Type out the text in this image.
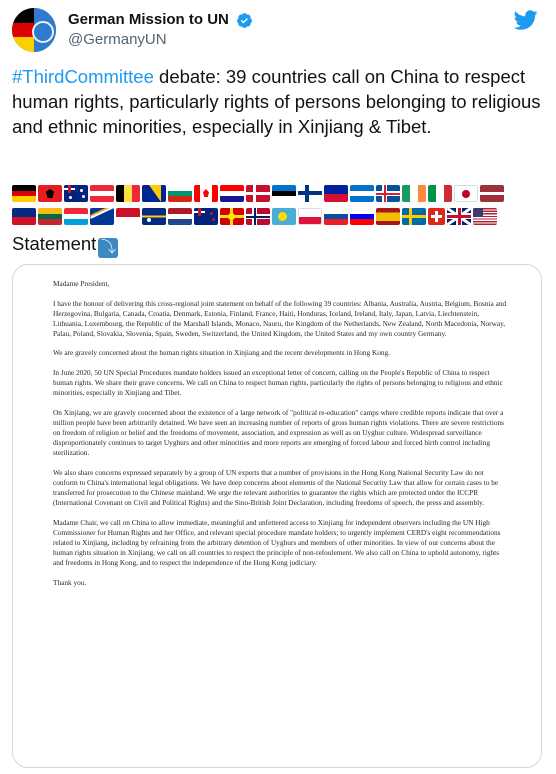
German Mission to UN
@GermanyUN
#ThirdCommittee debate: 39 countries call on China to respect human rights, particularly rights of persons belonging to religious and ethnic minorities, especially in Xinjiang & Tibet.
Statement ⤵

Madame President,

I have the honour of delivering this cross-regional joint statement on behalf of the following 39 countries: Albania, Australia, Austria, Belgium, Bosnia and Herzegovina, Bulgaria, Canada, Croatia, Denmark, Estonia, Finland, France, Haiti, Honduras, Iceland, Ireland, Italy, Japan, Latvia, Liechtenstein, Lithuania, Luxembourg, the Republic of the Marshall Islands, Monaco, Nauru, the Kingdom of the Netherlands, New Zealand, North Macedonia, Norway, Palau, Poland, Slovakia, Slovenia, Spain, Sweden, Switzerland, the United Kingdom, the United States and my own country Germany.

We are gravely concerned about the human rights situation in Xinjiang and the recent developments in Hong Kong.

In June 2020, 50 UN Special Procedures mandate holders issued an exceptional letter of concern, calling on the People's Republic of China to respect human rights. We share their grave concerns. We call on China to respect human rights, particularly the rights of persons belonging to religious and ethnic minorities, especially in Xinjiang and Tibet.

On Xinjiang, we are gravely concerned about the existence of a large network of "political re-education" camps where credible reports indicate that over a million people have been arbitrarily detained. We have seen an increasing number of reports of gross human rights violations. There are severe restrictions on freedom of religion or belief and the freedoms of movement, association, and expression as well as on Uyghur culture. Widespread surveillance disproportionately continues to target Uyghurs and other minorities and more reports are emerging of forced labour and forced birth control including sterilization.

We also share concerns expressed separately by a group of UN experts that a number of provisions in the Hong Kong National Security Law do not conform to China's international legal obligations. We have deep concerns about elements of the National Security Law that allow for certain cases to be transferred for prosecution to the Chinese mainland. We urge the relevant authorities to guarantee the rights which are protected under the ICCPR (International Covenant on Civil and Political Rights) and the Sino-British Joint Declaration, including freedoms of speech, the press and assembly.

Madame Chair, we call on China to allow immediate, meaningful and unfettered access to Xinjiang for independent observers including the UN High Commissioner for Human Rights and her Office, and relevant special procedure mandate holders; to urgently implement CERD's eight recommendations related to Xinjiang, including by refraining from the arbitrary detention of Uyghurs and members of other minorities. In view of our concerns about the human rights situation in Xinjiang, we call on all countries to respect the principle of non-refoulement. We also call on China to uphold autonomy, rights and freedoms in Hong Kong, and to respect the independence of the Hong Kong judiciary.

Thank you.
